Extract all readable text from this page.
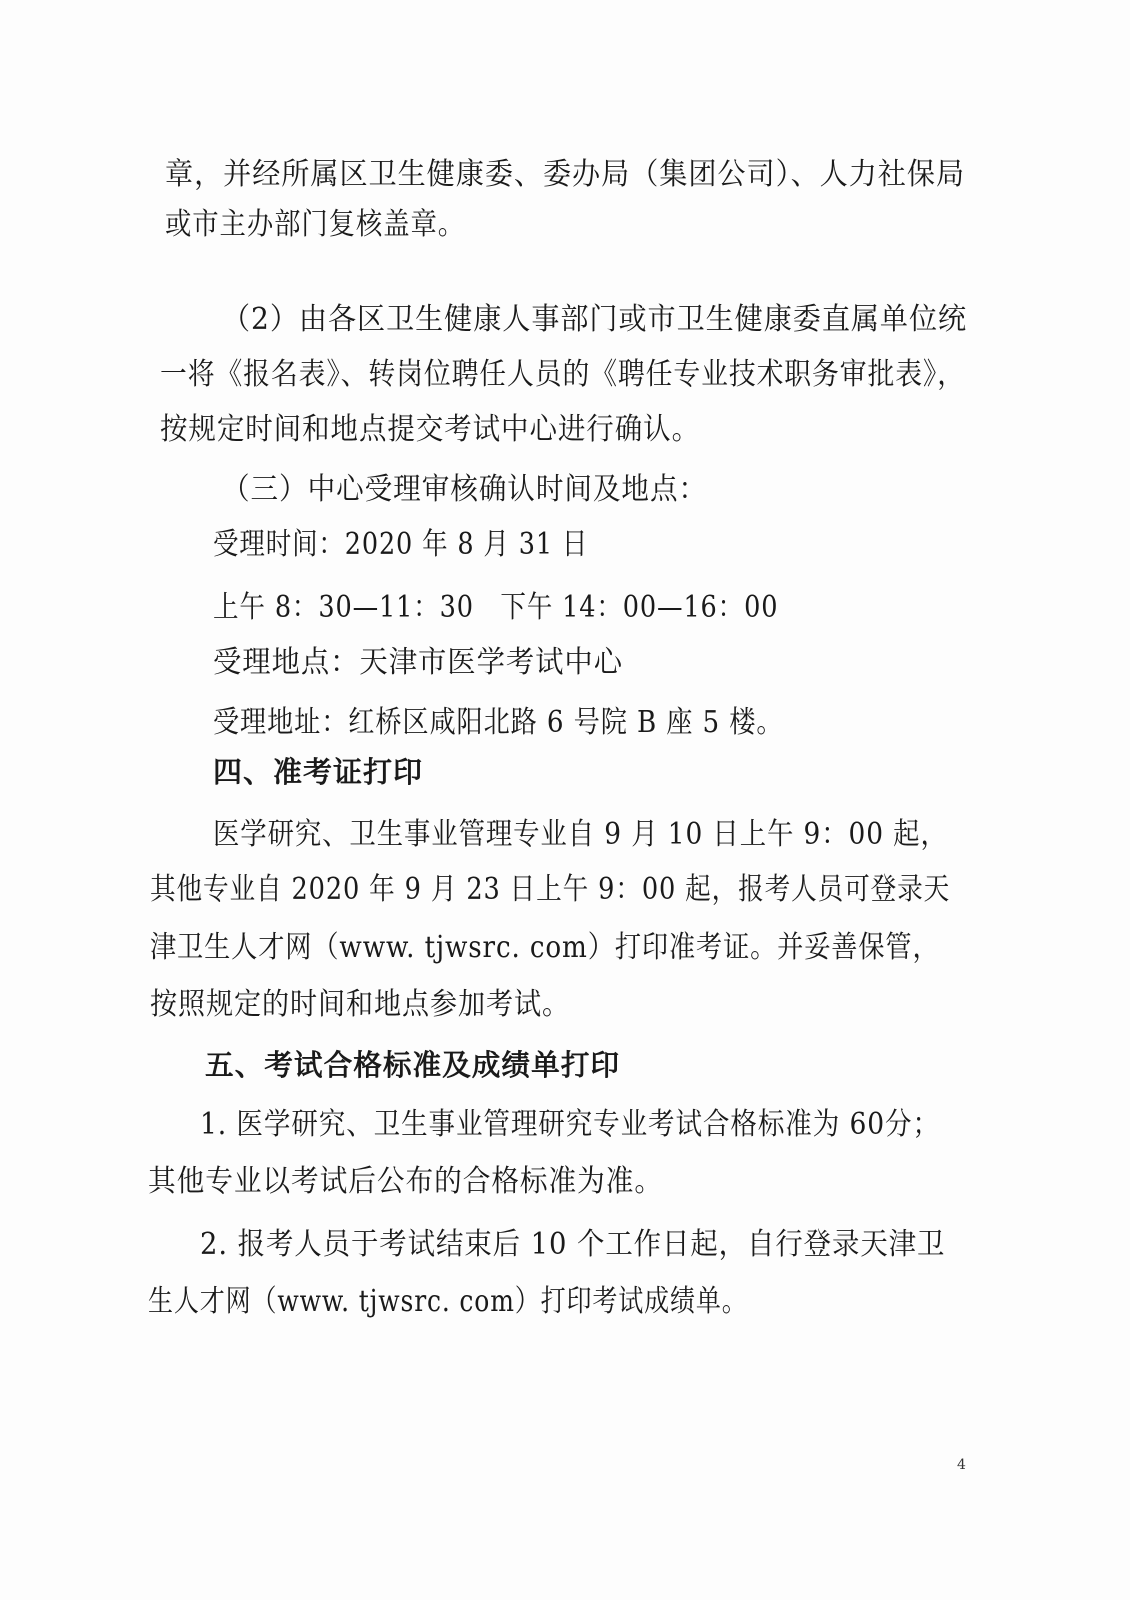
章，并经所属区卫生健康委、委办局（集团公司）、人力社保局

或市主办部门复核盖章。

（2）由各区卫生健康人事部门或市卫生健康委直属单位统

一将《报名表》、转岗位聘任人员的《聘任专业技术职务审批表》，

按规定时间和地点提交考试中心进行确认。

（三）中心受理审核确认时间及地点：

受理时间：2020 年 8 月 31 日

上午 8：30—11：30　下午 14：00—16：00

受理地点：天津市医学考试中心

受理地址：红桥区咸阳北路 6 号院 B 座 5 楼。

四、准考证打印

医学研究、卫生事业管理专业自 9 月 10 日上午 9：00 起，

其他专业自 2020 年 9 月 23 日上午 9：00 起，报考人员可登录天

津卫生人才网（www. tjwsrc. com）打印准考证。并妥善保管，

按照规定的时间和地点参加考试。

五、考试合格标准及成绩单打印

1. 医学研究、卫生事业管理研究专业考试合格标准为 60分；

其他专业以考试后公布的合格标准为准。

2. 报考人员于考试结束后 10 个工作日起，自行登录天津卫

生人才网（www. tjwsrc. com）打印考试成绩单。

4
